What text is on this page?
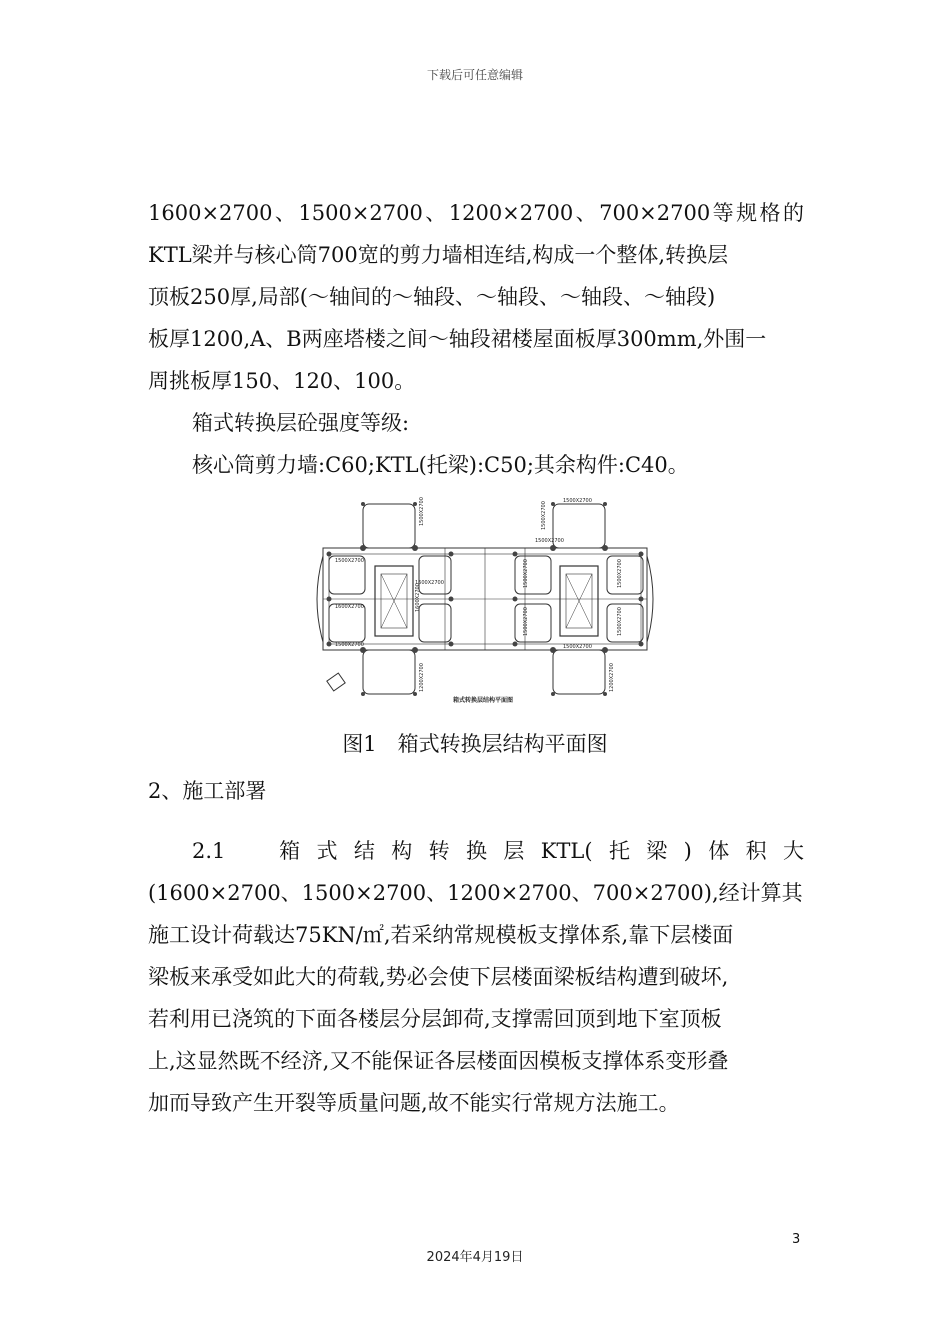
下载后可任意编辑
1600×2700、1500×2700、1200×2700、700×2700等规格的
KTL梁并与核心筒700宽的剪力墙相连结,构成一个整体,转换层
顶板250厚,局部(～轴间的～轴段、～轴段、～轴段、～轴段)
板厚1200,A、B两座塔楼之间～轴段裙楼屋面板厚300mm,外围一
周挑板厚150、120、100。
箱式转换层砼强度等级:
核心筒剪力墙:C60;KTL(托梁):C50;其余构件:C40。
1500X2700	1500X2700
1500X2700
1600X2700
1600X2700
1600X2700
1500X2700
1500X2700
1500X2700
1500X2700
1200X2700	1200X2700
1500X2700
1500X2700
1500X2700
1500X2700
箱式转换层结构平面图
图1　箱式转换层结构平面图
2、施工部署
2.1　箱式结构转换层KTL(托梁)体积大
(1600×2700、1500×2700、1200×2700、700×2700),经计算其
施工设计荷载达75KN/㎡,若采纳常规模板支撑体系,靠下层楼面
梁板来承受如此大的荷载,势必会使下层楼面梁板结构遭到破坏,
若利用已浇筑的下面各楼层分层卸荷,支撑需回顶到地下室顶板
上,这显然既不经济,又不能保证各层楼面因模板支撑体系变形叠
加而导致产生开裂等质量问题,故不能实行常规方法施工。
3
2024年4月19日
